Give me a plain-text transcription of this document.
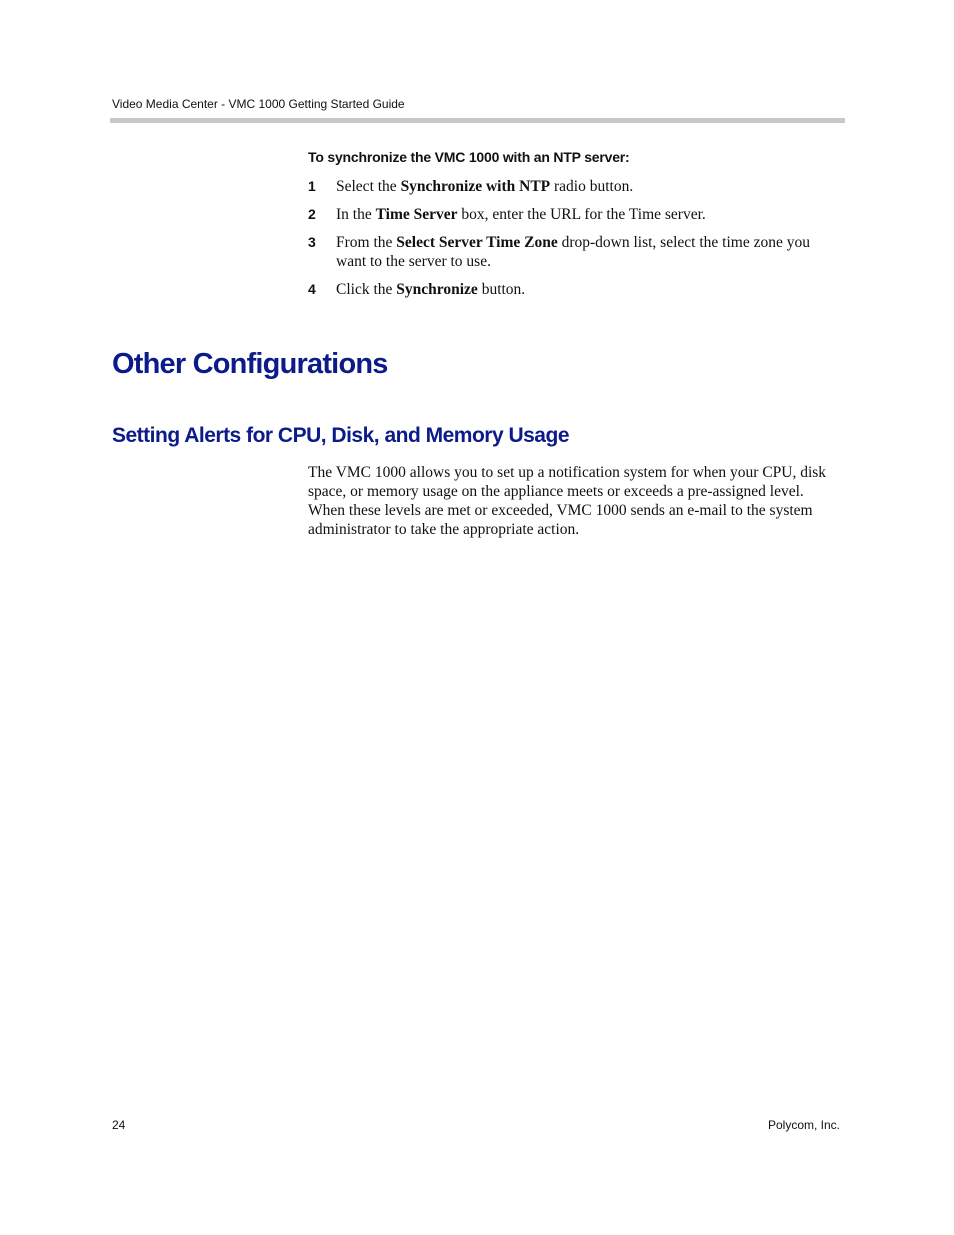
Video Media Center - VMC 1000 Getting Started Guide
To synchronize the VMC 1000 with an NTP server:
1 Select the Synchronize with NTP radio button.
2 In the Time Server box, enter the URL for the Time server.
3 From the Select Server Time Zone drop-down list, select the time zone you want to the server to use.
4 Click the Synchronize button.
Other Configurations
Setting Alerts for CPU, Disk, and Memory Usage
The VMC 1000 allows you to set up a notification system for when your CPU, disk space, or memory usage on the appliance meets or exceeds a pre-assigned level. When these levels are met or exceeded, VMC 1000 sends an e-mail to the system administrator to take the appropriate action.
24	Polycom, Inc.
